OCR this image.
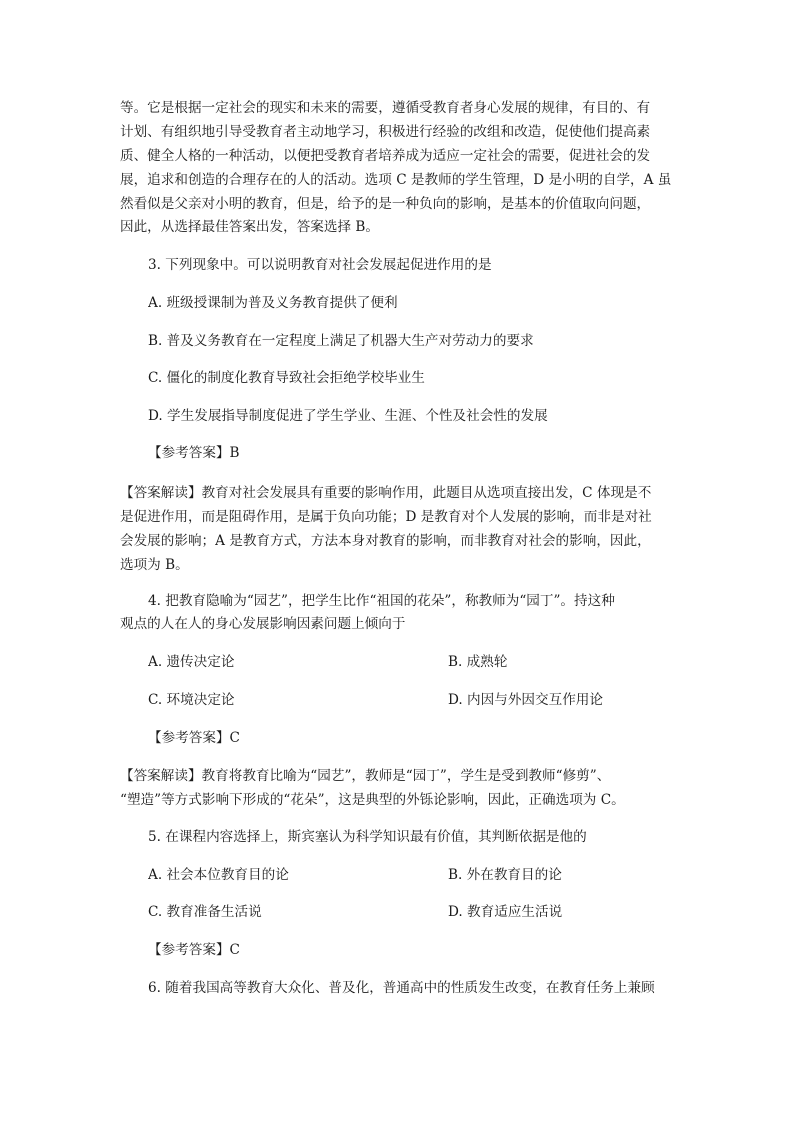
等。它是根据一定社会的现实和未来的需要，遵循受教育者身心发展的规律，有目的、有
计划、有组织地引导受教育者主动地学习，积极进行经验的改组和改造，促使他们提高素
质、健全人格的一种活动，以便把受教育者培养成为适应一定社会的需要，促进社会的发
展，追求和创造的合理存在的人的活动。选项 C 是教师的学生管理，D 是小明的自学，A 虽
然看似是父亲对小明的教育，但是，给予的是一种负向的影响，是基本的价值取向问题，
因此，从选择最佳答案出发，答案选择 B。
3. 下列现象中。可以说明教育对社会发展起促进作用的是
A. 班级授课制为普及义务教育提供了便利
B. 普及义务教育在一定程度上满足了机器大生产对劳动力的要求
C. 僵化的制度化教育导致社会拒绝学校毕业生
D. 学生发展指导制度促进了学生学业、生涯、个性及社会性的发展
【参考答案】B
【答案解读】教育对社会发展具有重要的影响作用，此题目从选项直接出发，C 体现是不
是促进作用，而是阻碍作用，是属于负向功能；D 是教育对个人发展的影响，而非是对社
会发展的影响；A 是教育方式，方法本身对教育的影响，而非教育对社会的影响，因此，
选项为 B。
4. 把教育隐喻为“园艺”，把学生比作“祖国的花朵”，称教师为“园丁”。持这种
观点的人在人的身心发展影响因素问题上倾向于
A. 遗传决定论	B. 成熟轮
C. 环境决定论	D. 内因与外因交互作用论
【参考答案】C
【答案解读】教育将教育比喻为“园艺”，教师是“园丁”，学生是受到教师“修剪”、
“塑造”等方式影响下形成的“花朵”，这是典型的外铄论影响，因此，正确选项为 C。
5. 在课程内容选择上，斯宾塞认为科学知识最有价值，其判断依据是他的
A. 社会本位教育目的论	B. 外在教育目的论
C. 教育准备生活说	D. 教育适应生活说
【参考答案】C
6. 随着我国高等教育大众化、普及化，普通高中的性质发生改变，在教育任务上兼顾
